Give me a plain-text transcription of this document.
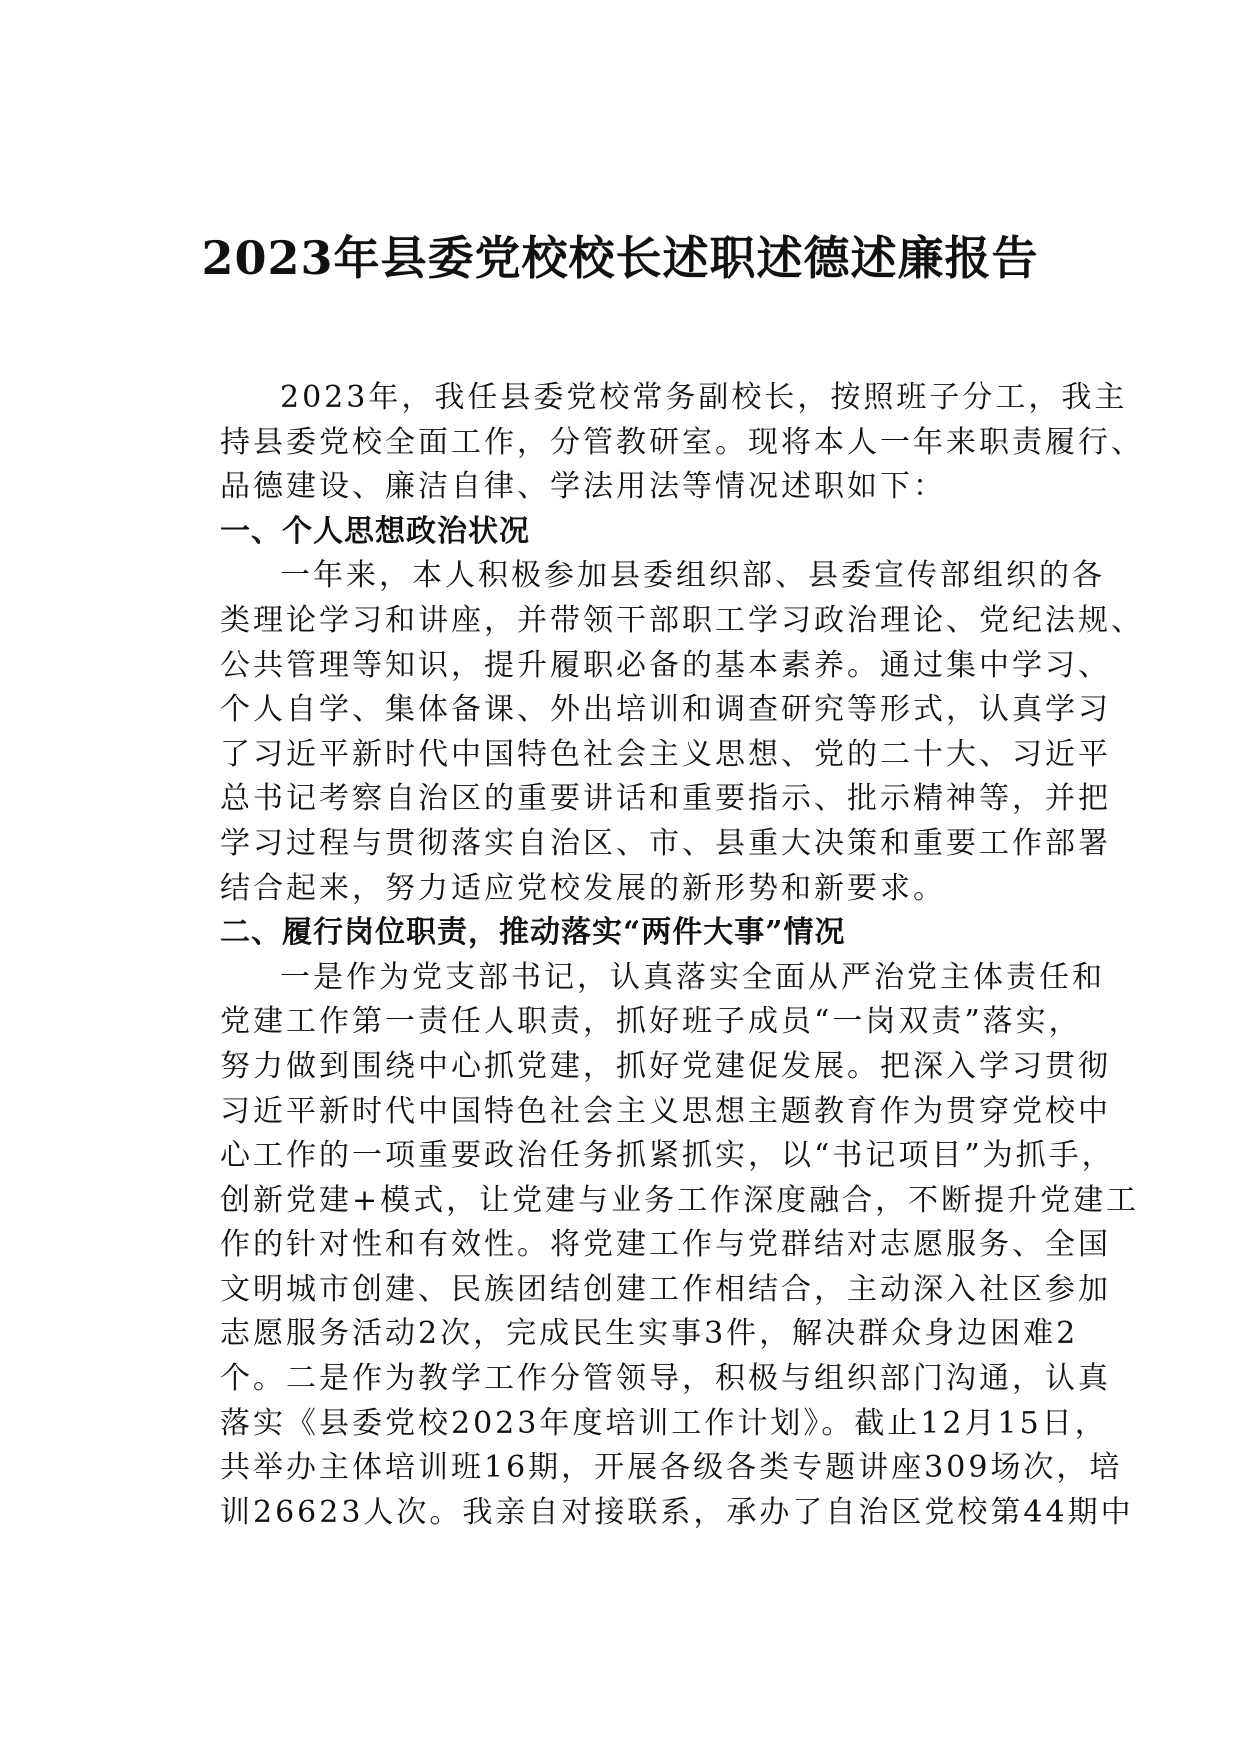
2023年县委党校校长述职述德述廉报告
2023年，我任县委党校常务副校长，按照班子分工，我主
持县委党校全面工作，分管教研室。现将本人一年来职责履行、
品德建设、廉洁自律、学法用法等情况述职如下：
一、个人思想政治状况
一年来，本人积极参加县委组织部、县委宣传部组织的各
类理论学习和讲座，并带领干部职工学习政治理论、党纪法规、
公共管理等知识，提升履职必备的基本素养。通过集中学习、
个人自学、集体备课、外出培训和调查研究等形式，认真学习
了习近平新时代中国特色社会主义思想、党的二十大、习近平
总书记考察自治区的重要讲话和重要指示、批示精神等，并把
学习过程与贯彻落实自治区、市、县重大决策和重要工作部署
结合起来，努力适应党校发展的新形势和新要求。
二、履行岗位职责，推动落实“两件大事”情况
一是作为党支部书记，认真落实全面从严治党主体责任和
党建工作第一责任人职责，抓好班子成员“一岗双责”落实，
努力做到围绕中心抓党建，抓好党建促发展。把深入学习贯彻
习近平新时代中国特色社会主义思想主题教育作为贯穿党校中
心工作的一项重要政治任务抓紧抓实，以“书记项目”为抓手，
创新党建+模式，让党建与业务工作深度融合，不断提升党建工
作的针对性和有效性。将党建工作与党群结对志愿服务、全国
文明城市创建、民族团结创建工作相结合，主动深入社区参加
志愿服务活动2次，完成民生实事3件，解决群众身边困难2
个。二是作为教学工作分管领导，积极与组织部门沟通，认真
落实《县委党校2023年度培训工作计划》。截止12月15日，
共举办主体培训班16期，开展各级各类专题讲座309场次，培
训26623人次。我亲自对接联系，承办了自治区党校第44期中
